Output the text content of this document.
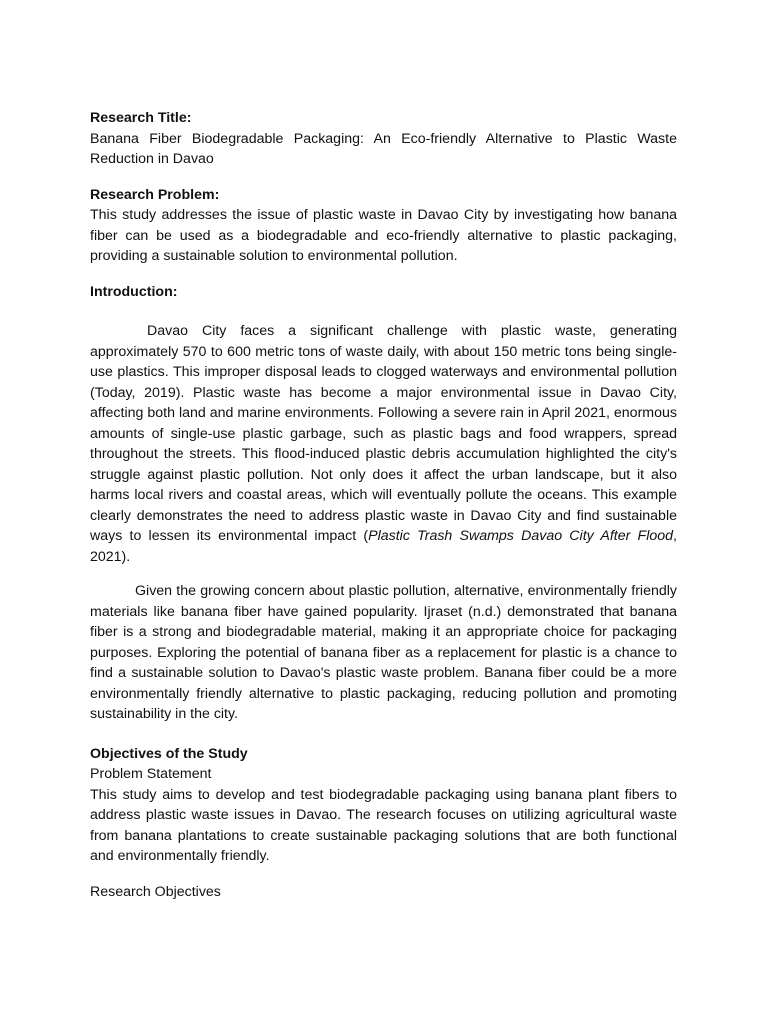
Research Title:

Banana Fiber Biodegradable Packaging: An Eco-friendly Alternative to Plastic Waste Reduction in Davao

Research Problem:

This study addresses the issue of plastic waste in Davao City by investigating how banana fiber can be used as a biodegradable and eco-friendly alternative to plastic packaging, providing a sustainable solution to environmental pollution.

Introduction:

Davao City faces a significant challenge with plastic waste, generating approximately 570 to 600 metric tons of waste daily, with about 150 metric tons being single-use plastics. This improper disposal leads to clogged waterways and environmental pollution (Today, 2019). Plastic waste has become a major environmental issue in Davao City, affecting both land and marine environments. Following a severe rain in April 2021, enormous amounts of single-use plastic garbage, such as plastic bags and food wrappers, spread throughout the streets. This flood-induced plastic debris accumulation highlighted the city's struggle against plastic pollution. Not only does it affect the urban landscape, but it also harms local rivers and coastal areas, which will eventually pollute the oceans. This example clearly demonstrates the need to address plastic waste in Davao City and find sustainable ways to lessen its environmental impact (Plastic Trash Swamps Davao City After Flood, 2021).

Given the growing concern about plastic pollution, alternative, environmentally friendly materials like banana fiber have gained popularity. Ijraset (n.d.) demonstrated that banana fiber is a strong and biodegradable material, making it an appropriate choice for packaging purposes. Exploring the potential of banana fiber as a replacement for plastic is a chance to find a sustainable solution to Davao's plastic waste problem. Banana fiber could be a more environmentally friendly alternative to plastic packaging, reducing pollution and promoting sustainability in the city.

Objectives of the Study

Problem Statement

This study aims to develop and test biodegradable packaging using banana plant fibers to address plastic waste issues in Davao. The research focuses on utilizing agricultural waste from banana plantations to create sustainable packaging solutions that are both functional and environmentally friendly.

Research Objectives
